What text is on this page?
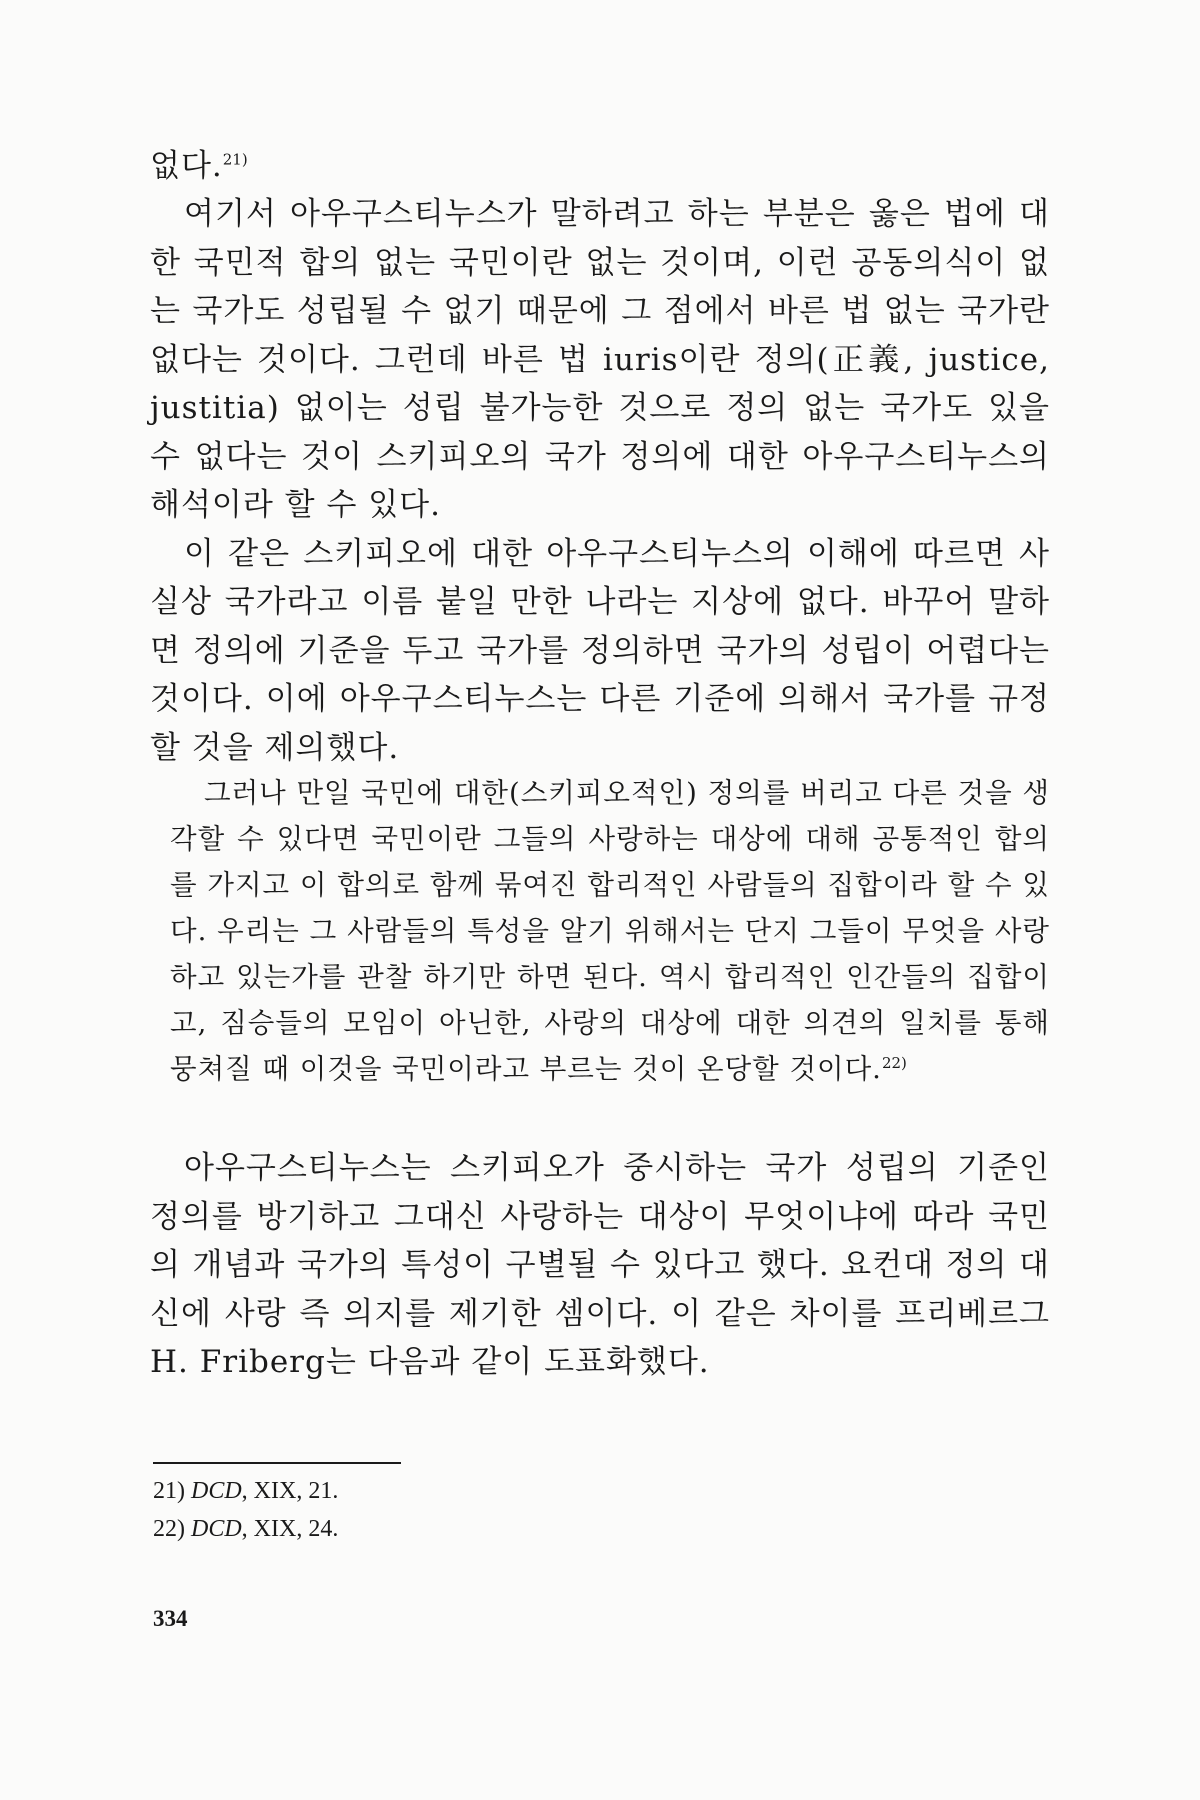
없다.$^{21)}$

여기서 아우구스티누스가 말하려고 하는 부분은 옳은 법에 대한 국민적 합의 없는 국민이란 없는 것이며, 이런 공동의식이 없는 국가도 성립될 수 없기 때문에 그 점에서 바른 법 없는 국가란 없다는 것이다. 그런데 바른 법 iuris이란 정의(正義, justice, justitia) 없이는 성립 불가능한 것으로 정의 없는 국가도 있을 수 없다는 것이 스키피오의 국가 정의에 대한 아우구스티누스의 해석이라 할 수 있다.

이 같은 스키피오에 대한 아우구스티누스의 이해에 따르면 사실상 국가라고 이름 붙일 만한 나라는 지상에 없다. 바꾸어 말하면 정의에 기준을 두고 국가를 정의하면 국가의 성립이 어렵다는 것이다. 이에 아우구스티누스는 다른 기준에 의해서 국가를 규정할 것을 제의했다.

그러나 만일 국민에 대한(스키피오적인) 정의를 버리고 다른 것을 생각할 수 있다면 국민이란 그들의 사랑하는 대상에 대해 공통적인 합의를 가지고 이 합의로 함께 묶여진 합리적인 사람들의 집합이라 할 수 있다. 우리는 그 사람들의 특성을 알기 위해서는 단지 그들이 무엇을 사랑하고 있는가를 관찰 하기만 하면 된다. 역시 합리적인 인간들의 집합이고, 짐승들의 모임이 아닌한, 사랑의 대상에 대한 의견의 일치를 통해 뭉쳐질 때 이것을 국민이라고 부르는 것이 온당할 것이다.$^{22)}$

아우구스티누스는 스키피오가 중시하는 국가 성립의 기준인 정의를 방기하고 그대신 사랑하는 대상이 무엇이냐에 따라 국민의 개념과 국가의 특성이 구별될 수 있다고 했다. 요컨대 정의 대신에 사랑 즉 의지를 제기한 셈이다. 이 같은 차이를 프리베르그H. Friberg는 다음과 같이 도표화했다.

21) DCD, XIX, 21.

22) DCD, XIX, 24.

334
